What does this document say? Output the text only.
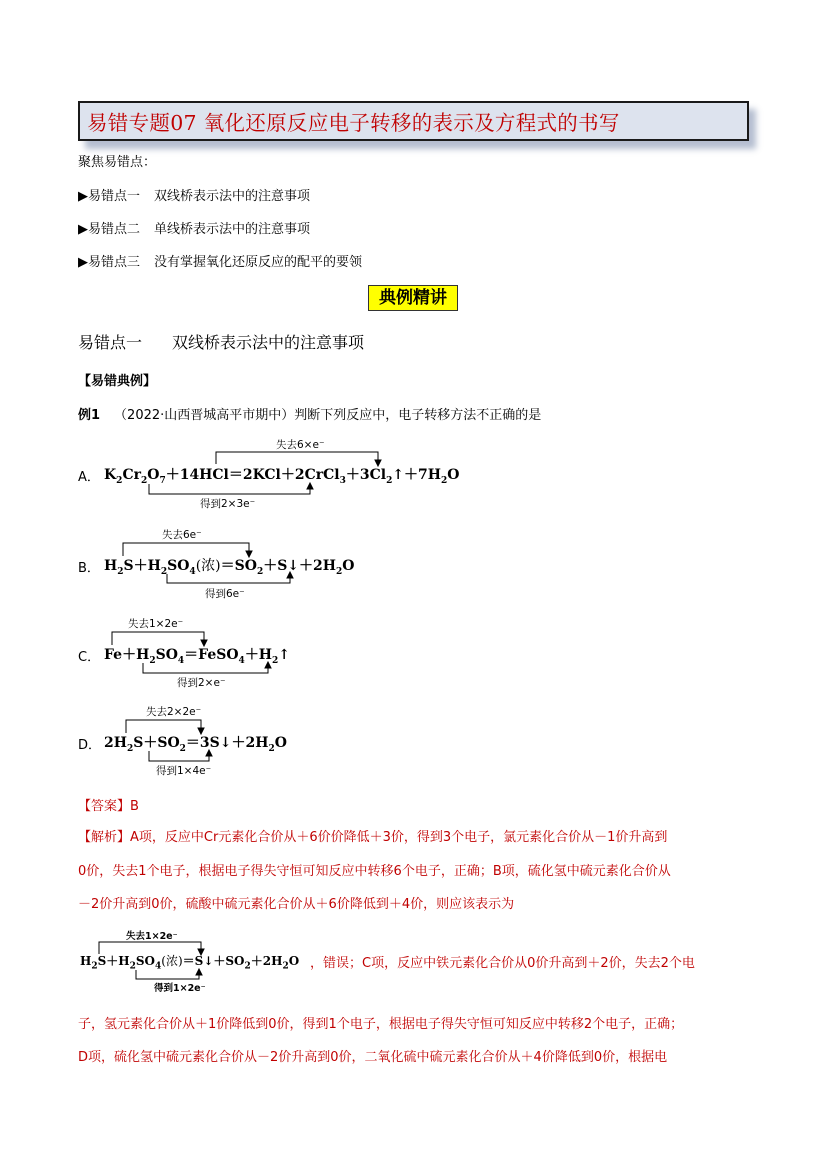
易错专题07 氧化还原反应电子转移的表示及方程式的书写
聚焦易错点：
▶易错点一 双线桥表示法中的注意事项
▶易错点二 单线桥表示法中的注意事项
▶易错点三 没有掌握氧化还原反应的配平的要领
典例精讲
易错点一 双线桥表示法中的注意事项
【易错典例】
例1 （2022·山西晋城高平市期中）判断下列反应中，电子转移方法不正确的是
失去6×e⁻
A． $K_2Cr_2O_7+14HCl=2KCl+2CrCl_3+3Cl_2↑+7H_2O$
得到2×3e⁻
失去6e⁻
B． $H_2S+H_2SO_4$(浓)$=SO_2+S↓+2H_2O$
得到6e⁻
失去1×2e⁻
C． $Fe+H_2SO_4=FeSO_4+H_2↑$
得到2×e⁻
失去2×2e⁻
D． $2H_2S+SO_2=3S↓+2H_2O$
得到1×4e⁻
【答案】B
【解析】A项，反应中Cr元素化合价从＋6价价降低＋3价，得到3个电子，氯元素化合价从－1价升高到
0价，失去1个电子，根据电子得失守恒可知反应中转移6个电子，正确；B项，硫化氢中硫元素化合价从
－2价升高到0价，硫酸中硫元素化合价从＋6价降低到＋4价，则应该表示为
失去1×2e⁻
$H_2S+H_2SO_4$(浓)$=S↓+SO_2+2H_2O$
得到1×2e⁻
，错误；C项，反应中铁元素化合价从0价升高到＋2价，失去2个电
子，氢元素化合价从＋1价降低到0价，得到1个电子，根据电子得失守恒可知反应中转移2个电子，正确；
D项，硫化氢中硫元素化合价从－2价升高到0价，二氧化硫中硫元素化合价从＋4价降低到0价，根据电
